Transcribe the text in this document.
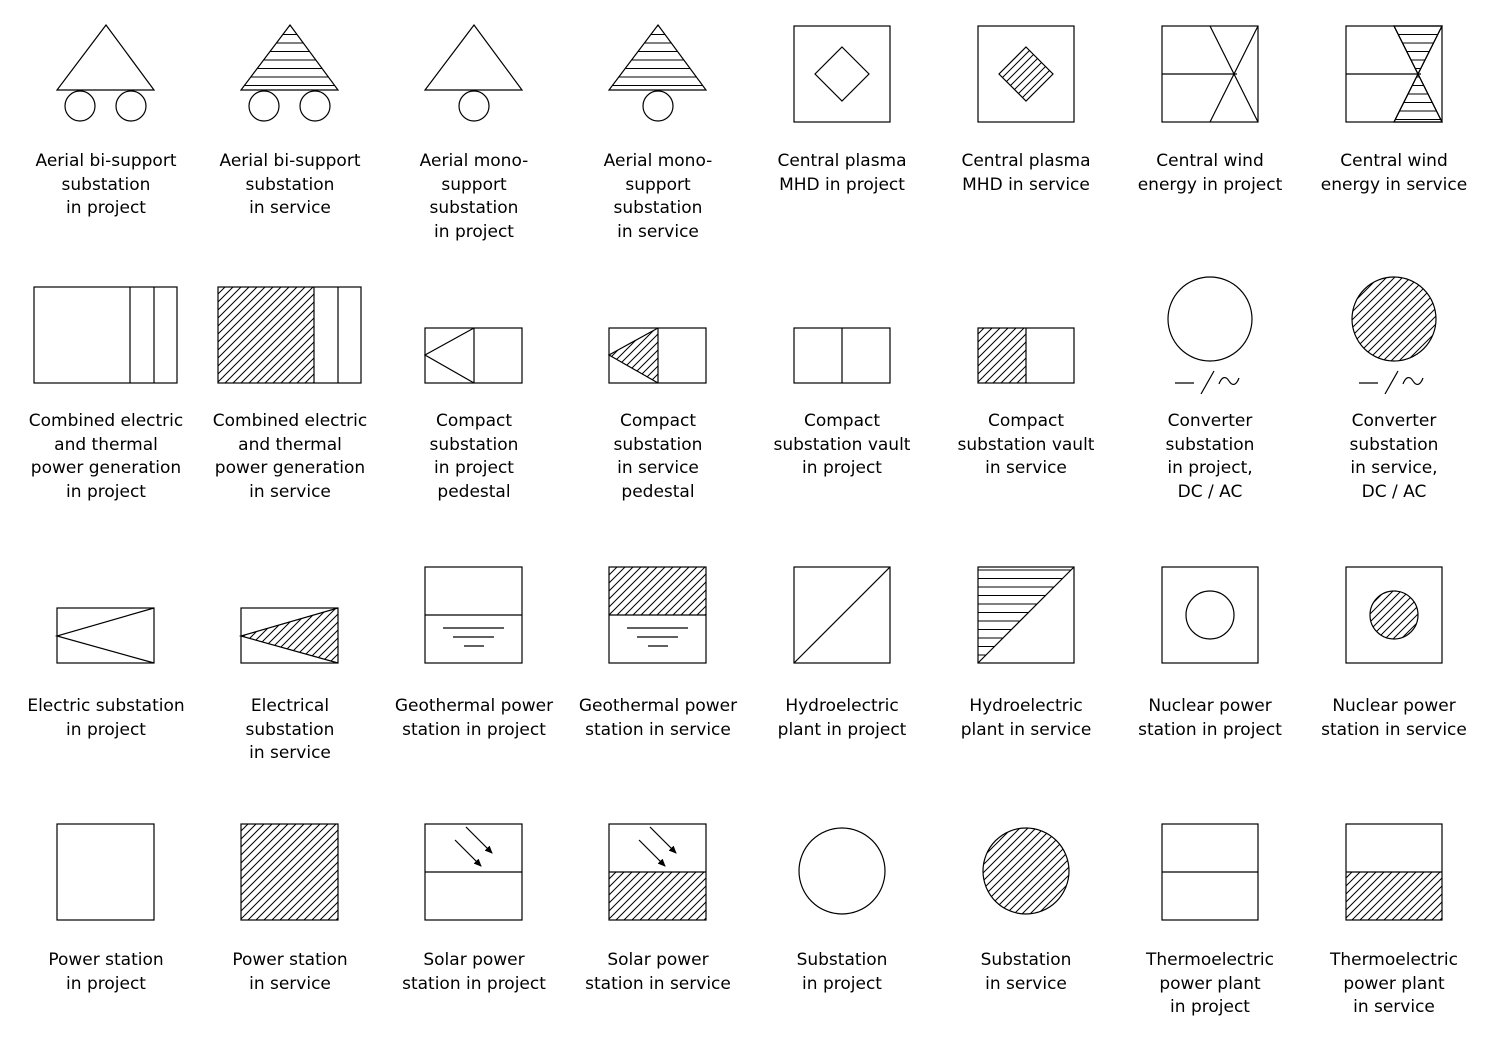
Aerial bi-support
substation
in project
Aerial bi-support
substation
in service
Aerial mono-
support
substation
in project
Aerial mono-
support
substation
in service
Central plasma
MHD in project
Central plasma
MHD in service
Central wind
energy in project
Central wind
energy in service
Combined electric
and thermal
power generation
in project
Combined electric
and thermal
power generation
in service
Compact
substation
in project
pedestal
Compact
substation
in service
pedestal
Compact
substation vault
in project
Compact
substation vault
in service
Converter
substation
in project,
DC / AC
Converter
substation
in service,
DC / AC
Electric substation
in project
Electrical
substation
in service
Geothermal power
station in project
Geothermal power
station in service
Hydroelectric
plant in project
Hydroelectric
plant in service
Nuclear power
station in project
Nuclear power
station in service
Power station
in project
Power station
in service
Solar power
station in project
Solar power
station in service
Substation
in project
Substation
in service
Thermoelectric
power plant
in project
Thermoelectric
power plant
in service
